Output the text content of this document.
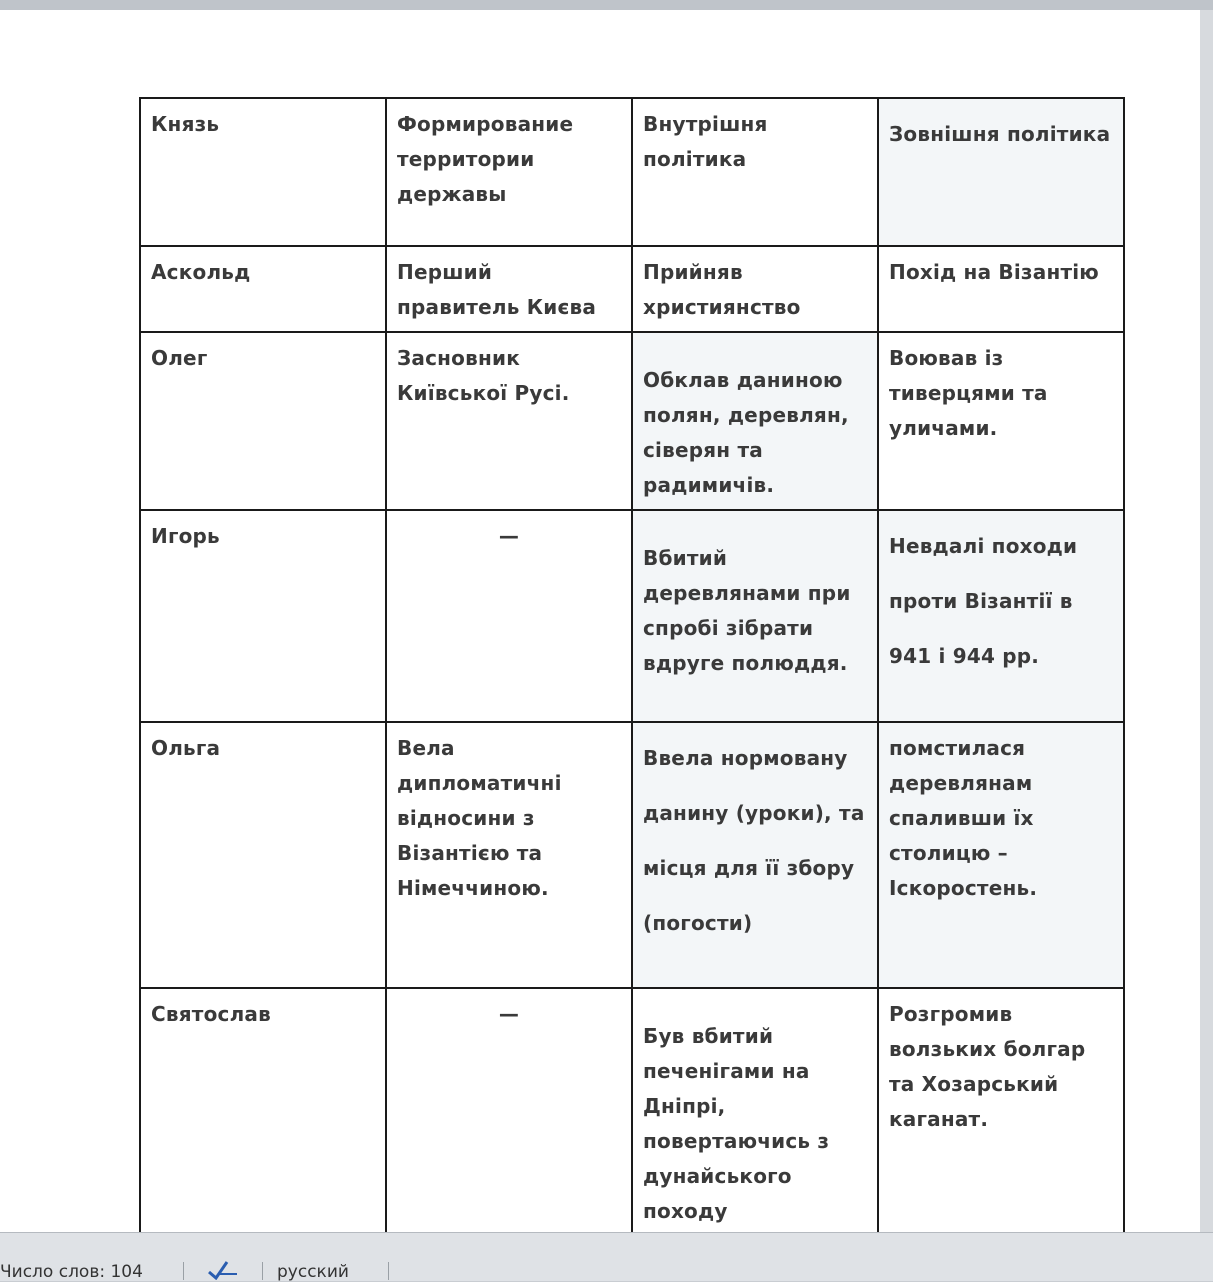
Князь	Формирование территории державы	Внутрішня політика	Зовнішня політика
Аскольд	Перший правитель Києва	Прийняв християнство	Похід на Візантію
Олег	Засновник Київської Русі.	Обклав даниною полян, деревлян, сіверян та радимичів.	Воював із тиверцями та уличами.
Игорь	—	Вбитий деревлянами при спробі зібрати вдруге полюддя.	Невдалі походи проти Візантії в 941 і 944 рр.
Ольга	Вела дипломатичні відносини з Візантією та Німеччиною.	Ввела нормовану данину (уроки), та місця для її збору (погости)	помстилася деревлянам спаливши їх столицю – Іскоростень.
Святослав	—	Був вбитий печенігами на Дніпрі, повертаючись з дунайського походу	Розгромив волзьких болгар та Хозарський каганат.
Число слов: 104	русский
